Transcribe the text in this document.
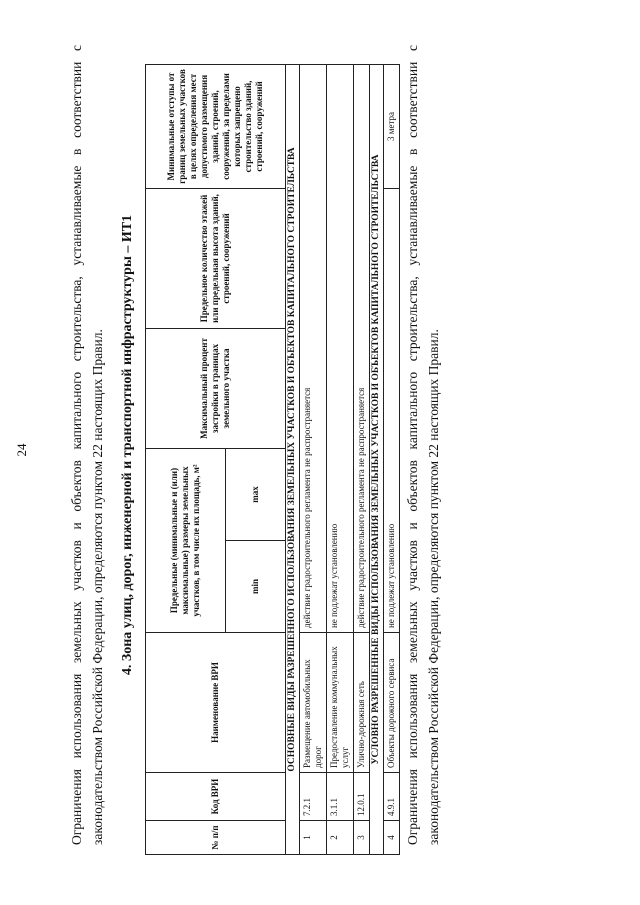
24	Ограничения использования земельных участков и объектов капитального строительства, устанавливаемые в соответствии с законодательством Российской Федерации, определяются пунктом 22 настоящих Правил. 4. Зона улиц, дорог, инженерной и транспортной инфраструктуры – ИТ1
№ п/п	Код ВРИ	Наименование ВРИ	Предельные (минимальные и (или) максимальные) размеры земельных участков, в том числе их площадь, м²		Максимальный процент застройки в границах земельного участка	Предельное количество этажей или предельная высота зданий, строений, сооружений	Минимальные отступы от границ земельных участков в целях определения мест допустимого размещения зданий, строений, сооружений, за пределами которых запрещено строительство зданий, строений, сооружений
			min	max			
ОСНОВНЫЕ ВИДЫ РАЗРЕШЕННОГО ИСПОЛЬЗОВАНИЯ ЗЕМЕЛЬНЫХ УЧАСТКОВ И ОБЪЕКТОВ КАПИТАЛЬНОГО СТРОИТЕЛЬСТВА							
1	7.2.1	Размещение автомобильных дорог	действие градостроительного регламента не распространяется				
2	3.1.1	Предоставление коммунальных услуг	не подлежат установлению				
3	12.0.1	Улично-дорожная сеть	действие градостроительного регламента не распространяется				
УСЛОВНО РАЗРЕШЕННЫЕ ВИДЫ ИСПОЛЬЗОВАНИЯ ЗЕМЕЛЬНЫХ УЧАСТКОВ И ОБЪЕКТОВ КАПИТАЛЬНОГО СТРОИТЕЛЬСТВА							
4	4.9.1	Объекты дорожного сервиса	не подлежат установлению				3 метра Ограничения использования земельных участков и объектов капитального строительства, устанавливаемые в соответствии с законодательством Российской Федерации, определяются пунктом 22 настоящих Правил.
